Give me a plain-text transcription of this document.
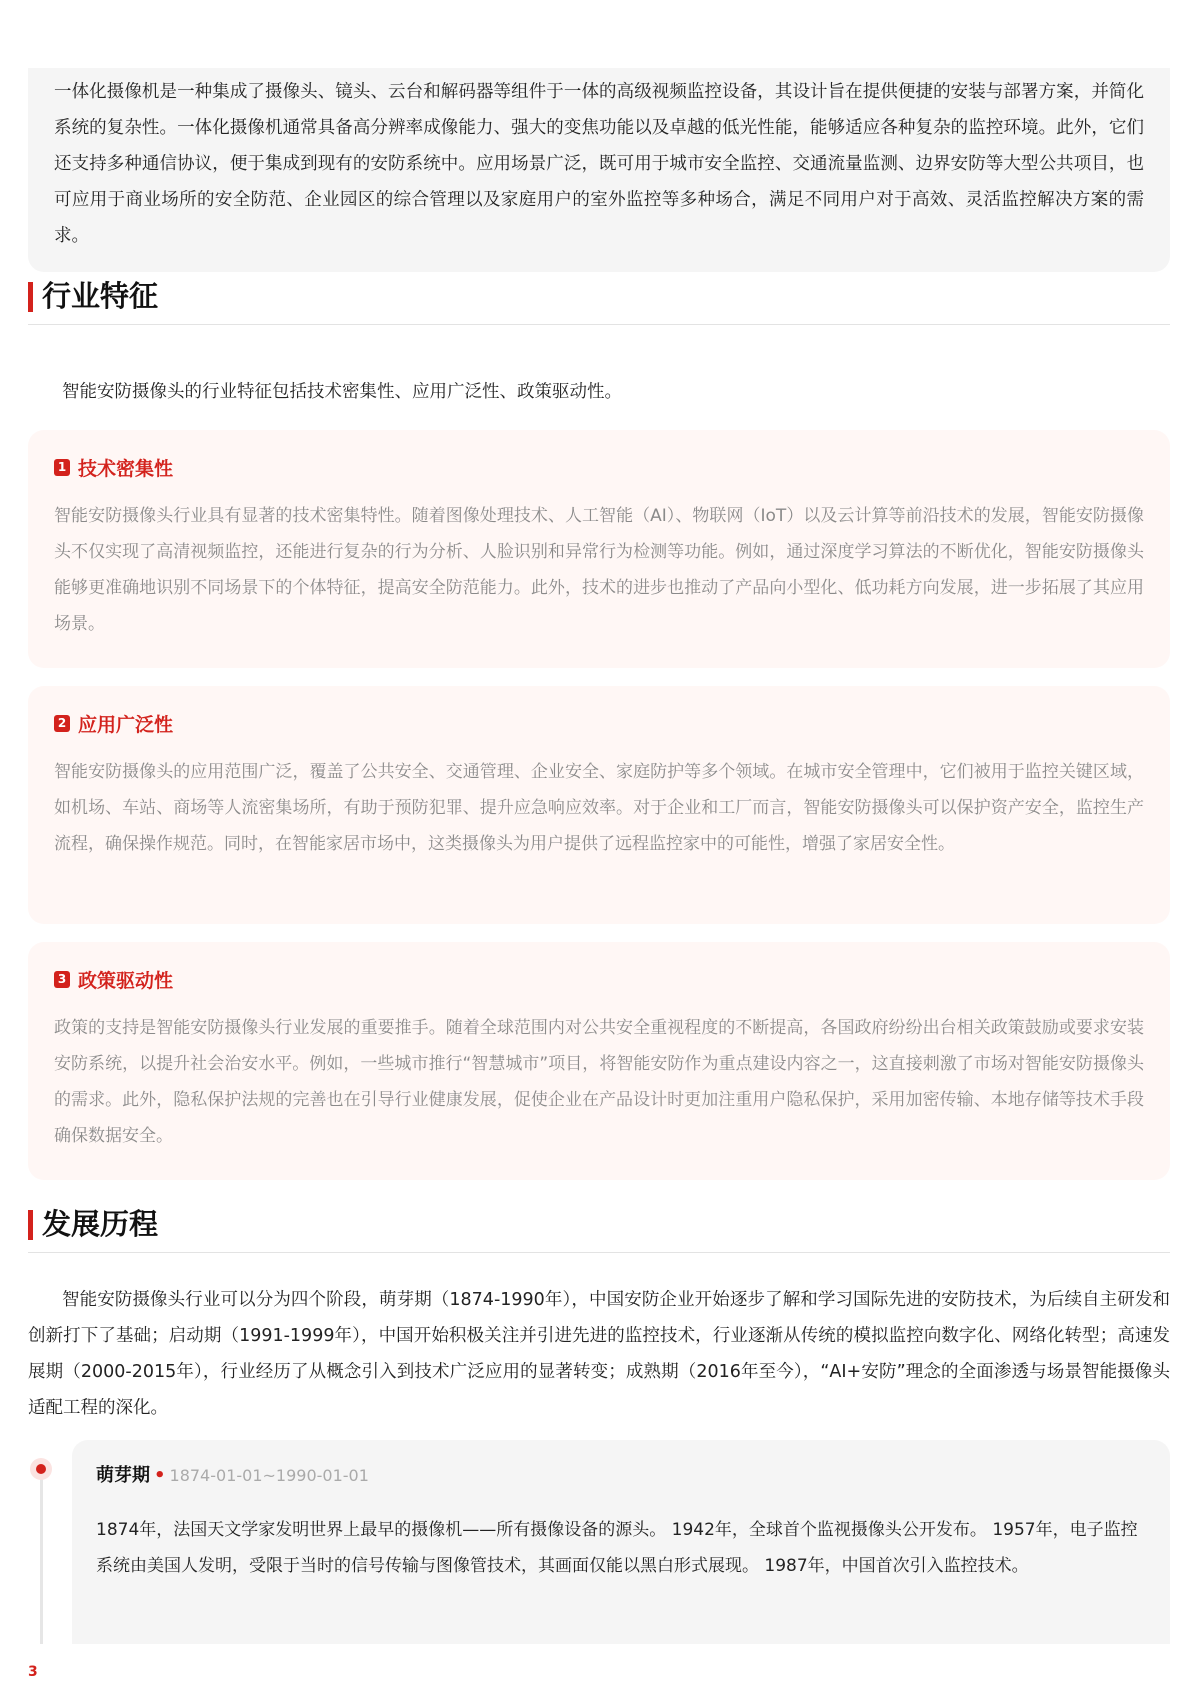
一体化摄像机是一种集成了摄像头、镜头、云台和解码器等组件于一体的高级视频监控设备，其设计旨在提供便捷的安装与部署方案，并简化系统的复杂性。一体化摄像机通常具备高分辨率成像能力、强大的变焦功能以及卓越的低光性能，能够适应各种复杂的监控环境。此外，它们还支持多种通信协议，便于集成到现有的安防系统中。应用场景广泛，既可用于城市安全监控、交通流量监测、边界安防等大型公共项目，也可应用于商业场所的安全防范、企业园区的综合管理以及家庭用户的室外监控等多种场合，满足不同用户对于高效、灵活监控解决方案的需求。

行业特征
智能安防摄像头的行业特征包括技术密集性、应用广泛性、政策驱动性。
1 技术密集性

智能安防摄像头行业具有显著的技术密集特性。随着图像处理技术、人工智能（AI）、物联网（IoT）以及云计算等前沿技术的发展，智能安防摄像头不仅实现了高清视频监控，还能进行复杂的行为分析、人脸识别和异常行为检测等功能。例如，通过深度学习算法的不断优化，智能安防摄像头能够更准确地识别不同场景下的个体特征，提高安全防范能力。此外，技术的进步也推动了产品向小型化、低功耗方向发展，进一步拓展了其应用场景。

2 应用广泛性

智能安防摄像头的应用范围广泛，覆盖了公共安全、交通管理、企业安全、家庭防护等多个领域。在城市安全管理中，它们被用于监控关键区域，如机场、车站、商场等人流密集场所，有助于预防犯罪、提升应急响应效率。对于企业和工厂而言，智能安防摄像头可以保护资产安全，监控生产流程，确保操作规范。同时，在智能家居市场中，这类摄像头为用户提供了远程监控家中的可能性，增强了家居安全性。

3 政策驱动性

政策的支持是智能安防摄像头行业发展的重要推手。随着全球范围内对公共安全重视程度的不断提高，各国政府纷纷出台相关政策鼓励或要求安装安防系统，以提升社会治安水平。例如，一些城市推行“智慧城市”项目，将智能安防作为重点建设内容之一，这直接刺激了市场对智能安防摄像头的需求。此外，隐私保护法规的完善也在引导行业健康发展，促使企业在产品设计时更加注重用户隐私保护，采用加密传输、本地存储等技术手段确保数据安全。

发展历程

智能安防摄像头行业可以分为四个阶段，萌芽期（1874-1990年），中国安防企业开始逐步了解和学习国际先进的安防技术，为后续自主研发和创新打下了基础；启动期（1991-1999年），中国开始积极关注并引进先进的监控技术，行业逐渐从传统的模拟监控向数字化、网络化转型；高速发展期（2000-2015年），行业经历了从概念引入到技术广泛应用的显著转变；成熟期（2016年至今），“AI+安防”理念的全面渗透与场景智能摄像头适配工程的深化。

萌芽期 • 1874-01-01~1990-01-01

1874年，法国天文学家发明世界上最早的摄像机——所有摄像设备的源头。 1942年，全球首个监视摄像头公开发布。 1957年，电子监控系统由美国人发明，受限于当时的信号传输与图像管技术，其画面仅能以黑白形式展现。 1987年，中国首次引入监控技术。

3
